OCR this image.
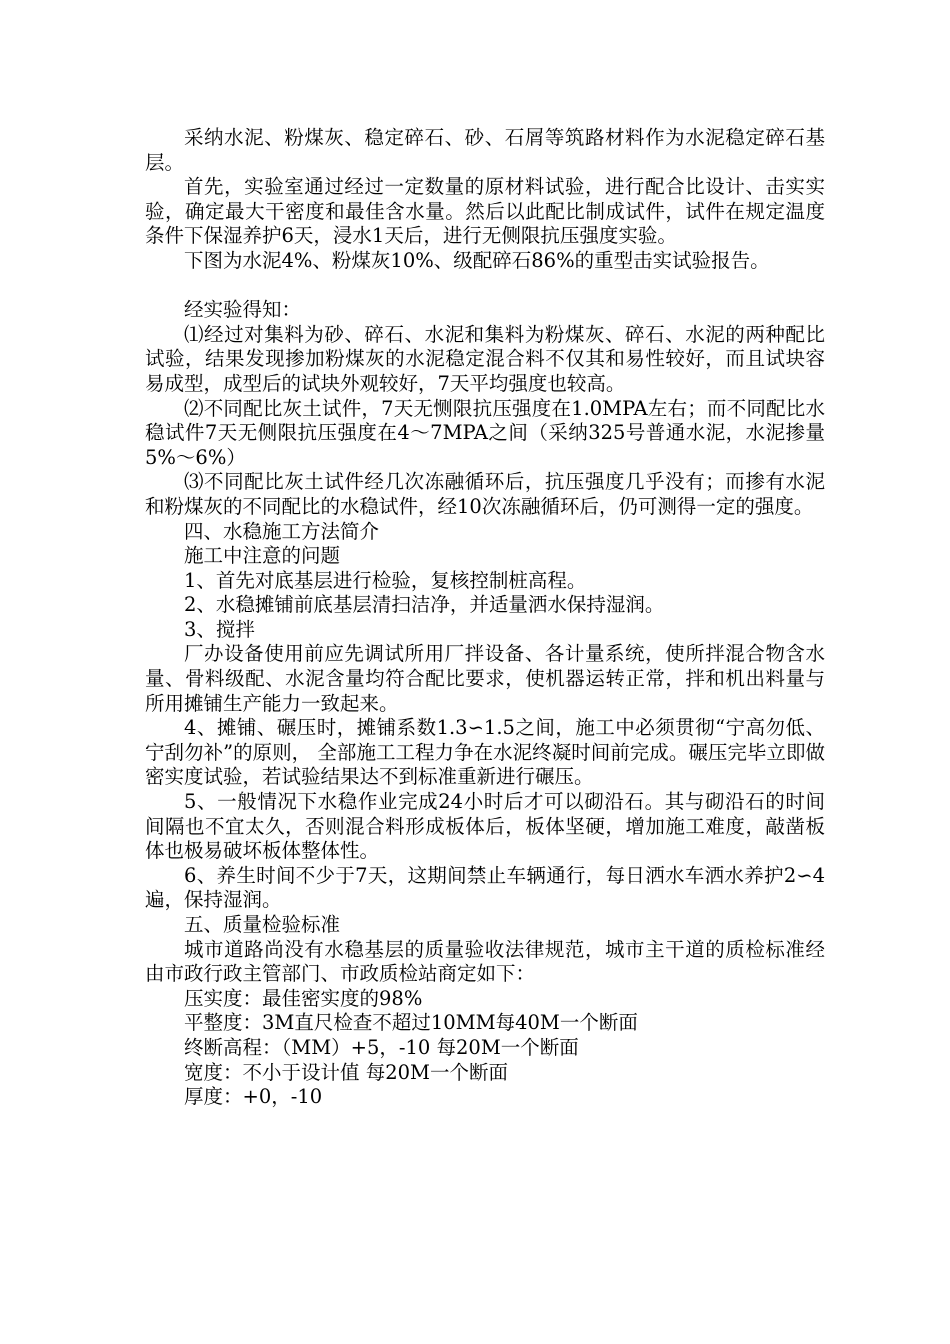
采纳水泥、粉煤灰、稳定碎石、砂、石屑等筑路材料作为水泥稳定碎石基层。

首先，实验室通过经过一定数量的原材料试验，进行配合比设计、击实实验，确定最大干密度和最佳含水量。然后以此配比制成试件，试件在规定温度条件下保湿养护6天，浸水1天后，进行无侧限抗压强度实验。

下图为水泥4%、粉煤灰10%、级配碎石86%的重型击实试验报告。

经实验得知：

⑴经过对集料为砂、碎石、水泥和集料为粉煤灰、碎石、水泥的两种配比试验，结果发现掺加粉煤灰的水泥稳定混合料不仅其和易性较好，而且试块容易成型，成型后的试块外观较好，7天平均强度也较高。

⑵不同配比灰土试件，7天无恻限抗压强度在1.0MPA左右；而不同配比水稳试件7天无侧限抗压强度在4～7MPA之间（采纳325号普通水泥，水泥掺量5%～6%）

⑶不同配比灰土试件经几次冻融循环后，抗压强度几乎没有；而掺有水泥和粉煤灰的不同配比的水稳试件，经10次冻融循环后，仍可测得一定的强度。

四、水稳施工方法简介

施工中注意的问题

1、首先对底基层进行检验，复核控制桩高程。

2、水稳摊铺前底基层清扫洁净，并适量洒水保持湿润。

3、搅拌

厂办设备使用前应先调试所用厂拌设备、各计量系统，使所拌混合物含水量、骨料级配、水泥含量均符合配比要求，使机器运转正常，拌和机出料量与所用摊铺生产能力一致起来。

4、摊铺、碾压时，摊铺系数1.3∽1.5之间，施工中必须贯彻“宁高勿低、宁刮勿补”的原则， 全部施工工程力争在水泥终凝时间前完成。碾压完毕立即做密实度试验，若试验结果达不到标准重新进行碾压。

5、一般情况下水稳作业完成24小时后才可以砌沿石。其与砌沿石的时间间隔也不宜太久，否则混合料形成板体后，板体坚硬，增加施工难度，敲凿板体也极易破坏板体整体性。

6、养生时间不少于7天，这期间禁止车辆通行，每日洒水车洒水养护2∽4遍，保持湿润。

五、质量检验标准

城市道路尚没有水稳基层的质量验收法律规范，城市主干道的质检标准经由市政行政主管部门、市政质检站商定如下：

压实度：最佳密实度的98%

平整度：3M直尺检查不超过10MM每40M一个断面

终断高程：（MM）+5，-10 每20M一个断面

宽度：不小于设计值 每20M一个断面

厚度：+0，-10
